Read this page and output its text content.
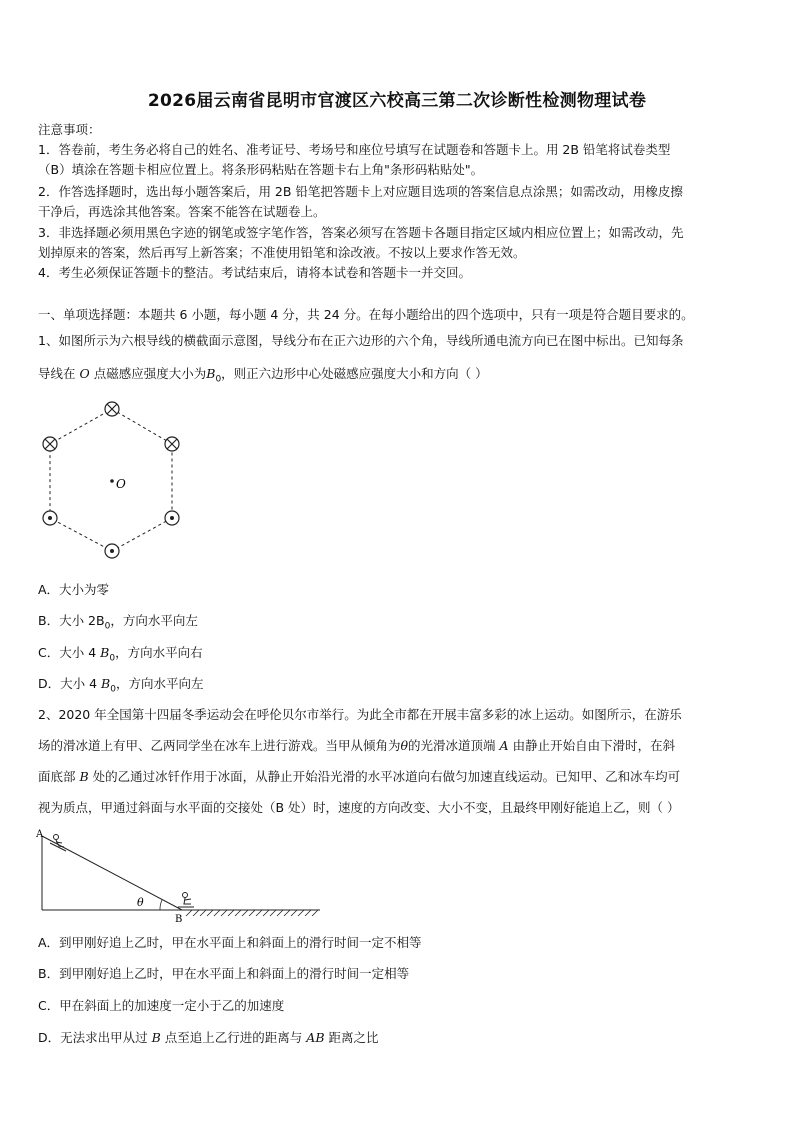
2026届云南省昆明市官渡区六校高三第二次诊断性检测物理试卷
注意事项：
1．答卷前，考生务必将自己的姓名、准考证号、考场号和座位号填写在试题卷和答题卡上。用 2B 铅笔将试卷类型
（B）填涂在答题卡相应位置上。将条形码粘贴在答题卡右上角"条形码粘贴处"。
2．作答选择题时，选出每小题答案后，用 2B 铅笔把答题卡上对应题目选项的答案信息点涂黑；如需改动，用橡皮擦
干净后，再选涂其他答案。答案不能答在试题卷上。
3．非选择题必须用黑色字迹的钢笔或签字笔作答，答案必须写在答题卡各题目指定区域内相应位置上；如需改动，先
划掉原来的答案，然后再写上新答案；不准使用铅笔和涂改液。不按以上要求作答无效。
4．考生必须保证答题卡的整洁。考试结束后，请将本试卷和答题卡一并交回。
一、单项选择题：本题共 6 小题，每小题 4 分，共 24 分。在每小题给出的四个选项中，只有一项是符合题目要求的。
1、如图所示为六根导线的横截面示意图，导线分布在正六边形的六个角，导线所通电流方向已在图中标出。已知每条
导线在 O 点磁感应强度大小为$B_0$，则正六边形中心处磁感应强度大小和方向（ ）
O
A．大小为零
B．大小 $2B_0$，方向水平向左
C．大小 4 $B_0$，方向水平向右
D．大小 4 $B_0$，方向水平向左
2、2020 年全国第十四届冬季运动会在呼伦贝尔市举行。为此全市都在开展丰富多彩的冰上运动。如图所示，在游乐
场的滑冰道上有甲、乙两同学坐在冰车上进行游戏。当甲从倾角为θ的光滑冰道顶端 A 由静止开始自由下滑时，在斜
面底部 B 处的乙通过冰钎作用于冰面，从静止开始沿光滑的水平冰道向右做匀加速直线运动。已知甲、乙和冰车均可
视为质点，甲通过斜面与水平面的交接处（B 处）时，速度的方向改变、大小不变，且最终甲刚好能追上乙，则（ ）
θ
A
B
A．到甲刚好追上乙时，甲在水平面上和斜面上的滑行时间一定不相等
B．到甲刚好追上乙时，甲在水平面上和斜面上的滑行时间一定相等
C．甲在斜面上的加速度一定小于乙的加速度
D．无法求出甲从过 B 点至追上乙行进的距离与 AB 距离之比
